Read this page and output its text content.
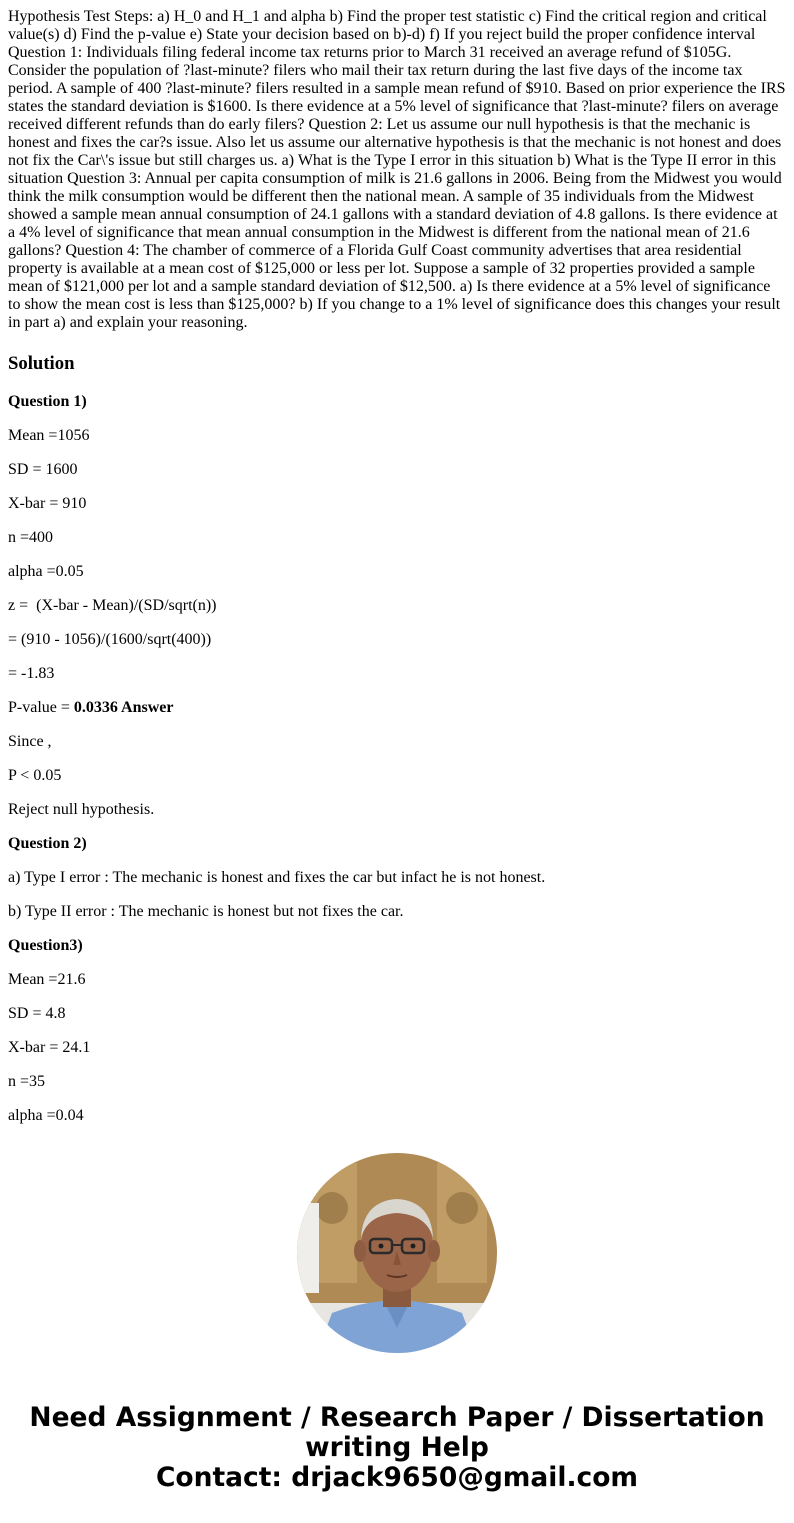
Hypothesis Test Steps: a) H_0 and H_1 and alpha b) Find the proper test statistic c) Find the critical region and critical value(s) d) Find the p-value e) State your decision based on b)-d) f) If you reject build the proper confidence interval Question 1: Individuals filing federal income tax returns prior to March 31 received an average refund of $105G. Consider the population of ?last-minute? filers who mail their tax return during the last five days of the income tax period. A sample of 400 ?last-minute? filers resulted in a sample mean refund of $910. Based on prior experience the IRS states the standard deviation is $1600. Is there evidence at a 5% level of significance that ?last-minute? filers on average received different refunds than do early filers? Question 2: Let us assume our null hypothesis is that the mechanic is honest and fixes the car?s issue. Also let us assume our alternative hypothesis is that the mechanic is not honest and does not fix the Car\'s issue but still charges us. a) What is the Type I error in this situation b) What is the Type II error in this situation Question 3: Annual per capita consumption of milk is 21.6 gallons in 2006. Being from the Midwest you would think the milk consumption would be different then the national mean. A sample of 35 individuals from the Midwest showed a sample mean annual consumption of 24.1 gallons with a standard deviation of 4.8 gallons. Is there evidence at a 4% level of significance that mean annual consumption in the Midwest is different from the national mean of 21.6 gallons? Question 4: The chamber of commerce of a Florida Gulf Coast community advertises that area residential property is available at a mean cost of $125,000 or less per lot. Suppose a sample of 32 properties provided a sample mean of $121,000 per lot and a sample standard deviation of $12,500. a) Is there evidence at a 5% level of significance to show the mean cost is less than $125,000? b) If you change to a 1% level of significance does this changes your result in part a) and explain your reasoning.

Solution

Question 1)

Mean =1056

SD = 1600

X-bar = 910

n =400

alpha =0.05

z =  (X-bar - Mean)/(SD/sqrt(n))

= (910 - 1056)/(1600/sqrt(400))

= -1.83

P-value = 0.0336 Answer

Since ,

P < 0.05

Reject null hypothesis.

Question 2)

a) Type I error : The mechanic is honest and fixes the car but infact he is not honest.

b) Type II error : The mechanic is honest but not fixes the car.

Question3)

Mean =21.6

SD = 4.8

X-bar = 24.1

n =35

alpha =0.04

Need Assignment / Research Paper / Dissertation
writing Help
Contact: drjack9650@gmail.com
